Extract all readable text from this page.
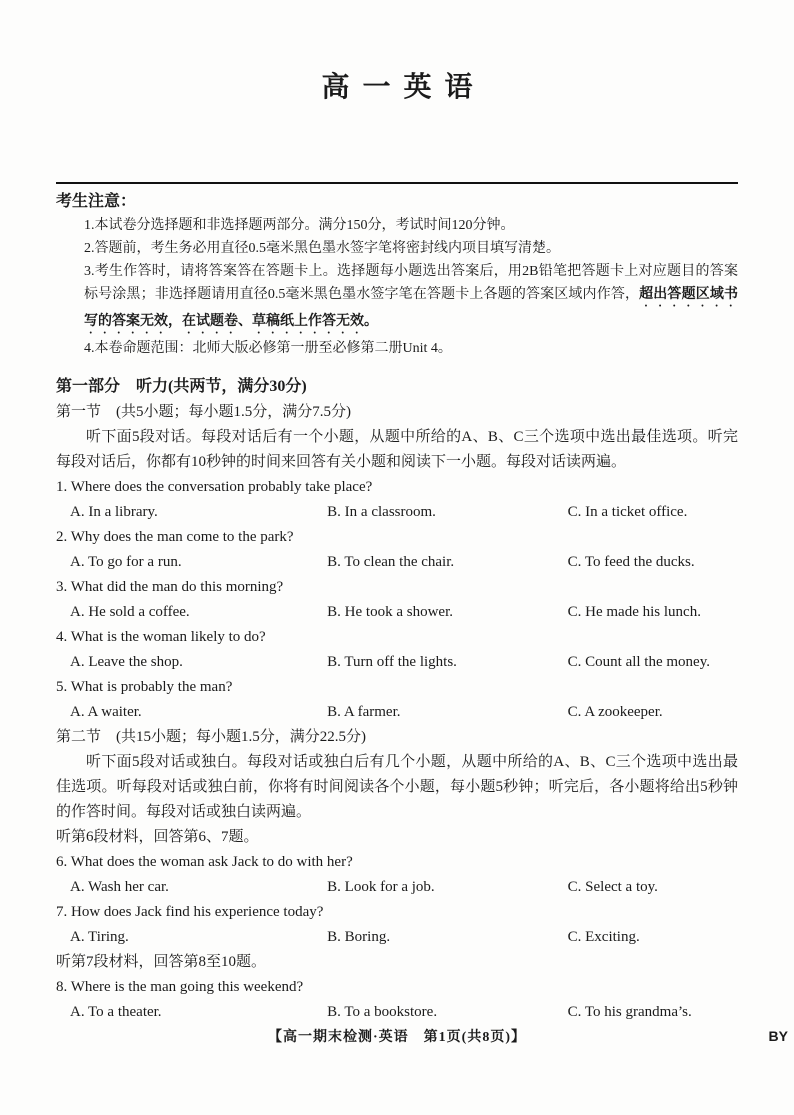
高一英语
考生注意：
1.本试卷分选择题和非选择题两部分。满分150分，考试时间120分钟。
2.答题前，考生务必用直径0.5毫米黑色墨水签字笔将密封线内项目填写清楚。
3.考生作答时，请将答案答在答题卡上。选择题每小题选出答案后，用2B铅笔把答题卡上对应题目的答案标号涂黑；非选择题请用直径0.5毫米黑色墨水签字笔在答题卡上各题的答案区域内作答，超出答题区域书写的答案无效，在试题卷、草稿纸上作答无效。
4.本卷命题范围：北师大版必修第一册至必修第二册Unit 4。
第一部分　听力(共两节，满分30分)
第一节　(共5小题；每小题1.5分，满分7.5分)
听下面5段对话。每段对话后有一个小题，从题中所给的A、B、C三个选项中选出最佳选项。听完每段对话后，你都有10秒钟的时间来回答有关小题和阅读下一小题。每段对话读两遍。
1. Where does the conversation probably take place?
A. In a library.	B. In a classroom.	C. In a ticket office.
2. Why does the man come to the park?
A. To go for a run.	B. To clean the chair.	C. To feed the ducks.
3. What did the man do this morning?
A. He sold a coffee.	B. He took a shower.	C. He made his lunch.
4. What is the woman likely to do?
A. Leave the shop.	B. Turn off the lights.	C. Count all the money.
5. What is probably the man?
A. A waiter.	B. A farmer.	C. A zookeeper.
第二节　(共15小题；每小题1.5分，满分22.5分)
听下面5段对话或独白。每段对话或独白后有几个小题，从题中所给的A、B、C三个选项中选出最佳选项。听每段对话或独白前，你将有时间阅读各个小题，每小题5秒钟；听完后，各小题将给出5秒钟的作答时间。每段对话或独白读两遍。
听第6段材料，回答第6、7题。
6. What does the woman ask Jack to do with her?
A. Wash her car.	B. Look for a job.	C. Select a toy.
7. How does Jack find his experience today?
A. Tiring.	B. Boring.	C. Exciting.
听第7段材料，回答第8至10题。
8. Where is the man going this weekend?
A. To a theater.	B. To a bookstore.	C. To his grandma’s.
【高一期末检测·英语　第1页(共8页)】	BY
